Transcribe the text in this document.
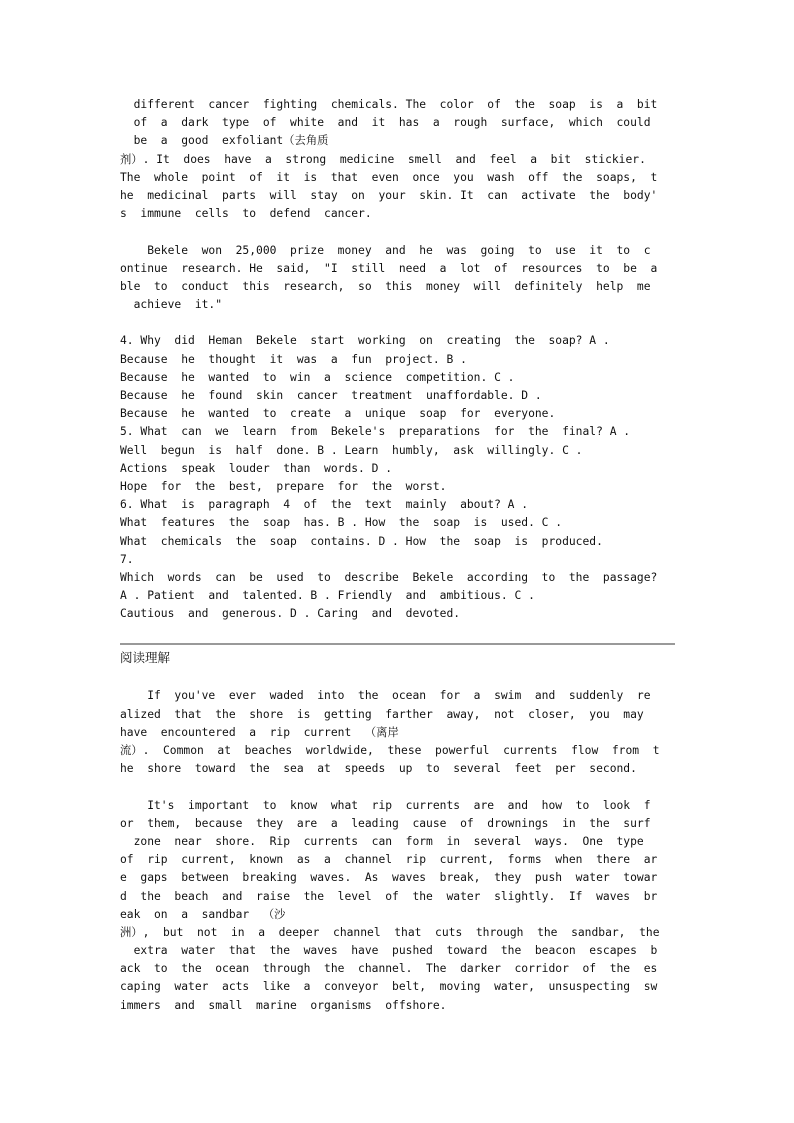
different  cancer  fighting  chemicals. The  color  of  the  soap  is  a  bit
of  a  dark  type  of  white  and  it  has  a  rough  surface,  which  could
be  a  good  exfoliant（去角质
剂）. It  does  have  a  strong  medicine  smell  and  feel  a  bit  stickier.
The  whole  point  of  it  is  that  even  once  you  wash  off  the  soaps,  t
he  medicinal  parts  will  stay  on  your  skin. It  can  activate  the  body'
s  immune  cells  to  defend  cancer.
Bekele  won  25,000  prize  money  and  he  was  going  to  use  it  to  c
ontinue  research. He  said,  "I  still  need  a  lot  of  resources  to  be  a
ble  to  conduct  this  research,  so  this  money  will  definitely  help  me
achieve  it."
4. Why  did  Heman  Bekele  start  working  on  creating  the  soap? A .
Because  he  thought  it  was  a  fun  project. B .
Because  he  wanted  to  win  a  science  competition. C .
Because  he  found  skin  cancer  treatment  unaffordable. D .
Because  he  wanted  to  create  a  unique  soap  for  everyone.
5. What  can  we  learn  from  Bekele's  preparations  for  the  final? A .
Well  begun  is  half  done. B . Learn  humbly,  ask  willingly. C .
Actions  speak  louder  than  words. D .
Hope  for  the  best,  prepare  for  the  worst.
6. What  is  paragraph  4  of  the  text  mainly  about? A .
What  features  the  soap  has. B . How  the  soap  is  used. C .
What  chemicals  the  soap  contains. D . How  the  soap  is  produced.
7.
Which  words  can  be  used  to  describe  Bekele  according  to  the  passage?
A . Patient  and  talented. B . Friendly  and  ambitious. C .
Cautious  and  generous. D . Caring  and  devoted.
阅读理解
If  you've  ever  waded  into  the  ocean  for  a  swim  and  suddenly  re
alized  that  the  shore  is  getting  farther  away,  not  closer,  you  may
have  encountered  a  rip  current  （离岸
流）.  Common  at  beaches  worldwide,  these  powerful  currents  flow  from  t
he  shore  toward  the  sea  at  speeds  up  to  several  feet  per  second.
It's  important  to  know  what  rip  currents  are  and  how  to  look  f
or  them,  because  they  are  a  leading  cause  of  drownings  in  the  surf
zone  near  shore.  Rip  currents  can  form  in  several  ways.  One  type
of  rip  current,  known  as  a  channel  rip  current,  forms  when  there  ar
e  gaps  between  breaking  waves.  As  waves  break,  they  push  water  towar
d  the  beach  and  raise  the  level  of  the  water  slightly.  If  waves  br
eak  on  a  sandbar  （沙
洲）,  but  not  in  a  deeper  channel  that  cuts  through  the  sandbar,  the
extra  water  that  the  waves  have  pushed  toward  the  beacon  escapes  b
ack  to  the  ocean  through  the  channel.  The  darker  corridor  of  the  es
caping  water  acts  like  a  conveyor  belt,  moving  water,  unsuspecting  sw
immers  and  small  marine  organisms  offshore.
